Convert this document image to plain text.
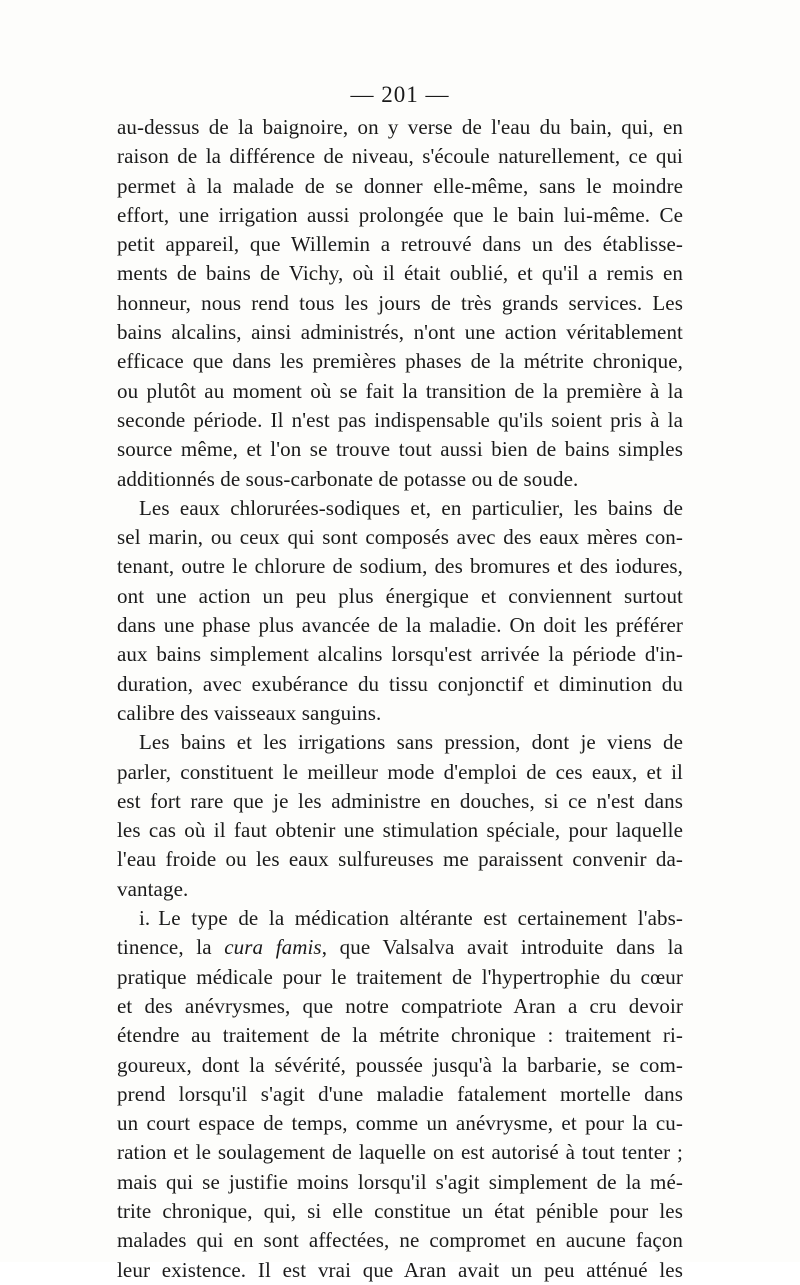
— 201 —
au-dessus de la baignoire, on y verse de l'eau du bain, qui, en
raison de la différence de niveau, s'écoule naturellement, ce qui
permet à la malade de se donner elle-même, sans le moindre
effort, une irrigation aussi prolongée que le bain lui-même. Ce
petit appareil, que Willemin a retrouvé dans un des établisse-
ments de bains de Vichy, où il était oublié, et qu'il a remis en
honneur, nous rend tous les jours de très grands services. Les
bains alcalins, ainsi administrés, n'ont une action véritablement
efficace que dans les premières phases de la métrite chronique,
ou plutôt au moment où se fait la transition de la première à la
seconde période. Il n'est pas indispensable qu'ils soient pris à la
source même, et l'on se trouve tout aussi bien de bains simples
additionnés de sous-carbonate de potasse ou de soude.
Les eaux chlorurées-sodiques et, en particulier, les bains de
sel marin, ou ceux qui sont composés avec des eaux mères con-
tenant, outre le chlorure de sodium, des bromures et des iodures,
ont une action un peu plus énergique et conviennent surtout
dans une phase plus avancée de la maladie. On doit les préférer
aux bains simplement alcalins lorsqu'est arrivée la période d'in-
duration, avec exubérance du tissu conjonctif et diminution du
calibre des vaisseaux sanguins.
Les bains et les irrigations sans pression, dont je viens de
parler, constituent le meilleur mode d'emploi de ces eaux, et il
est fort rare que je les administre en douches, si ce n'est dans
les cas où il faut obtenir une stimulation spéciale, pour laquelle
l'eau froide ou les eaux sulfureuses me paraissent convenir da-
vantage.
i. Le type de la médication altérante est certainement l'abs-
tinence, la cura famis, que Valsalva avait introduite dans la
pratique médicale pour le traitement de l'hypertrophie du cœur
et des anévrysmes, que notre compatriote Aran a cru devoir
étendre au traitement de la métrite chronique : traitement ri-
goureux, dont la sévérité, poussée jusqu'à la barbarie, se com-
prend lorsqu'il s'agit d'une maladie fatalement mortelle dans
un court espace de temps, comme un anévrysme, et pour la cu-
ration et le soulagement de laquelle on est autorisé à tout tenter ;
mais qui se justifie moins lorsqu'il s'agit simplement de la mé-
trite chronique, qui, si elle constitue un état pénible pour les
malades qui en sont affectées, ne compromet en aucune façon
leur existence. Il est vrai que Aran avait un peu atténué les
